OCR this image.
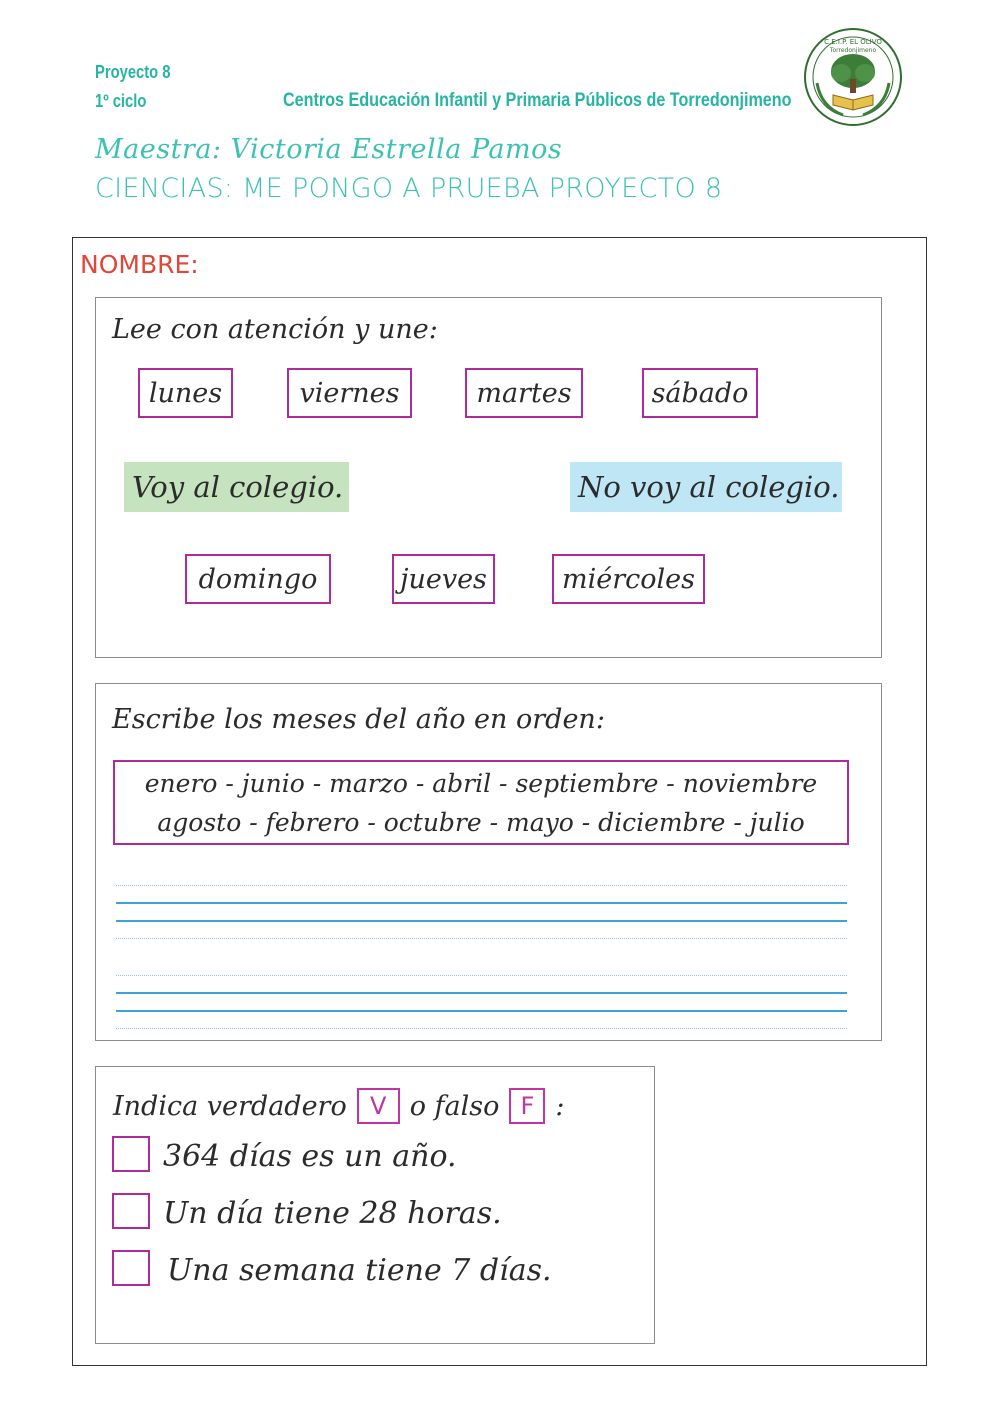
Proyecto 8
1º ciclo	Centros Educación Infantil y Primaria Públicos de Torredonjimeno
Maestra: Victoria Estrella Pamos
CIENCIAS: ME PONGO A PRUEBA PROYECTO 8
C.E.I.P. EL OLIVO
Torredonjimeno
NOMBRE:
Lee con atención y une:
lunes	viernes	martes	sábado
Voy al colegio.	No voy al colegio.
domingo	jueves	miércoles
Escribe los meses del año en orden:
enero - junio - marzo - abril - septiembre - noviembre
agosto - febrero - octubre - mayo - diciembre - julio
Indica verdadero V o falso F :
364 días es un año.
Un día tiene 28 horas.
Una semana tiene 7 días.
